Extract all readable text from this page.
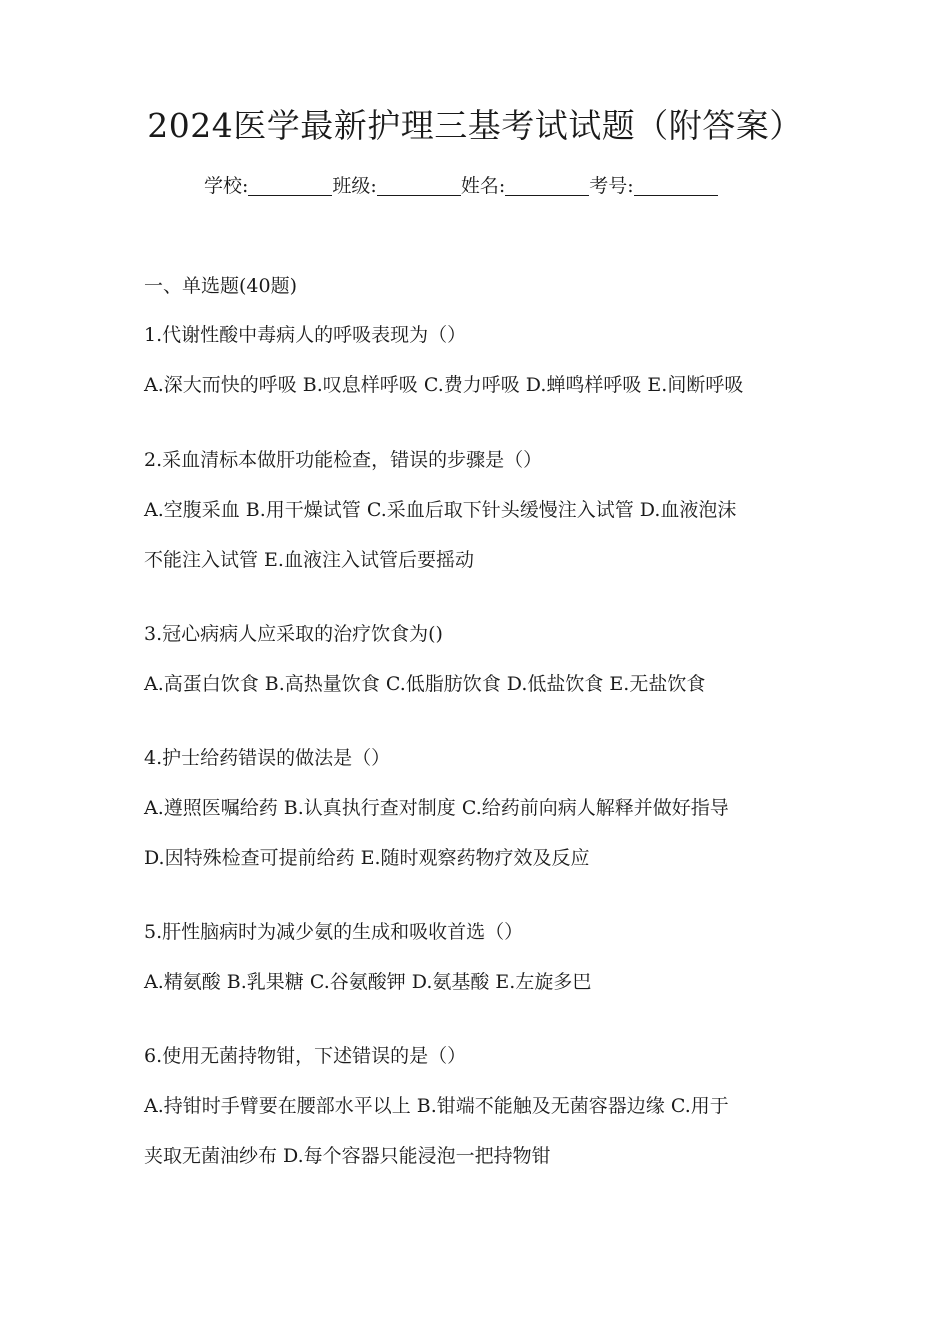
2024医学最新护理三基考试试题（附答案）
学校:	班级:	姓名:	考号:
一、单选题(40题)
1.代谢性酸中毒病人的呼吸表现为（）
A.深大而快的呼吸 B.叹息样呼吸 C.费力呼吸 D.蝉鸣样呼吸 E.间断呼吸
2.采血清标本做肝功能检查，错误的步骤是（）
A.空腹采血 B.用干燥试管 C.采血后取下针头缓慢注入试管 D.血液泡沫
不能注入试管 E.血液注入试管后要摇动
3.冠心病病人应采取的治疗饮食为()
A.高蛋白饮食 B.高热量饮食 C.低脂肪饮食 D.低盐饮食 E.无盐饮食
4.护士给药错误的做法是（）
A.遵照医嘱给药 B.认真执行查对制度 C.给药前向病人解释并做好指导
D.因特殊检查可提前给药 E.随时观察药物疗效及反应
5.肝性脑病时为减少氨的生成和吸收首选（）
A.精氨酸 B.乳果糖 C.谷氨酸钾 D.氨基酸 E.左旋多巴
6.使用无菌持物钳，下述错误的是（）
A.持钳时手臂要在腰部水平以上 B.钳端不能触及无菌容器边缘 C.用于
夹取无菌油纱布 D.每个容器只能浸泡一把持物钳
